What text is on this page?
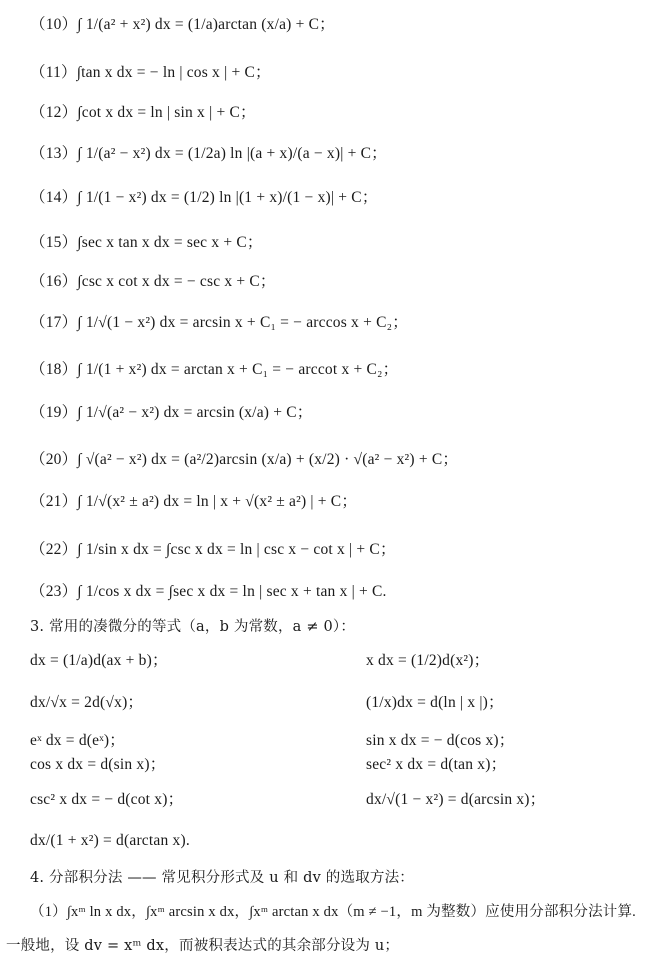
（10）∫ 1/(a² + x²) dx = (1/a)arctan (x/a) + C；
（11）∫tan x dx = − ln | cos x | + C；
（12）∫cot x dx = ln | sin x | + C；
（13）∫ 1/(a² − x²) dx = (1/2a) ln |(a + x)/(a − x)| + C；
（14）∫ 1/(1 − x²) dx = (1/2) ln |(1 + x)/(1 − x)| + C；
（15）∫sec x tan x dx = sec x + C；
（16）∫csc x cot x dx = − csc x + C；
（17）∫ 1/√(1 − x²) dx = arcsin x + C₁ = − arccos x + C₂；
（18）∫ 1/(1 + x²) dx = arctan x + C₁ = − arccot x + C₂；
（19）∫ 1/√(a² − x²) dx = arcsin (x/a) + C；
（20）∫ √(a² − x²) dx = (a²/2)arcsin (x/a) + (x/2) · √(a² − x²) + C；
（21）∫ 1/√(x² ± a²) dx = ln | x + √(x² ± a²) | + C；
（22）∫ 1/sin x dx = ∫csc x dx = ln | csc x − cot x | + C；
（23）∫ 1/cos x dx = ∫sec x dx = ln | sec x + tan x | + C.
3. 常用的凑微分的等式（a，b 为常数，a ≠ 0）：
dx = (1/a)d(ax + b)；	x dx = (1/2)d(x²)；
dx/√x = 2d(√x)；	(1/x)dx = d(ln | x |)；
eˣ dx = d(eˣ)；	sin x dx = − d(cos x)；
cos x dx = d(sin x)；	sec² x dx = d(tan x)；
csc² x dx = − d(cot x)；	dx/√(1 − x²) = d(arcsin x)；
dx/(1 + x²) = d(arctan x).
4. 分部积分法 —— 常见积分形式及 u 和 dv 的选取方法：
（1）∫xᵐ ln x dx，∫xᵐ arcsin x dx，∫xᵐ arctan x dx（m ≠ −1，m 为整数）应使用分部积分法计算.
一般地，设 dv = xᵐ dx，而被积表达式的其余部分设为 u；
